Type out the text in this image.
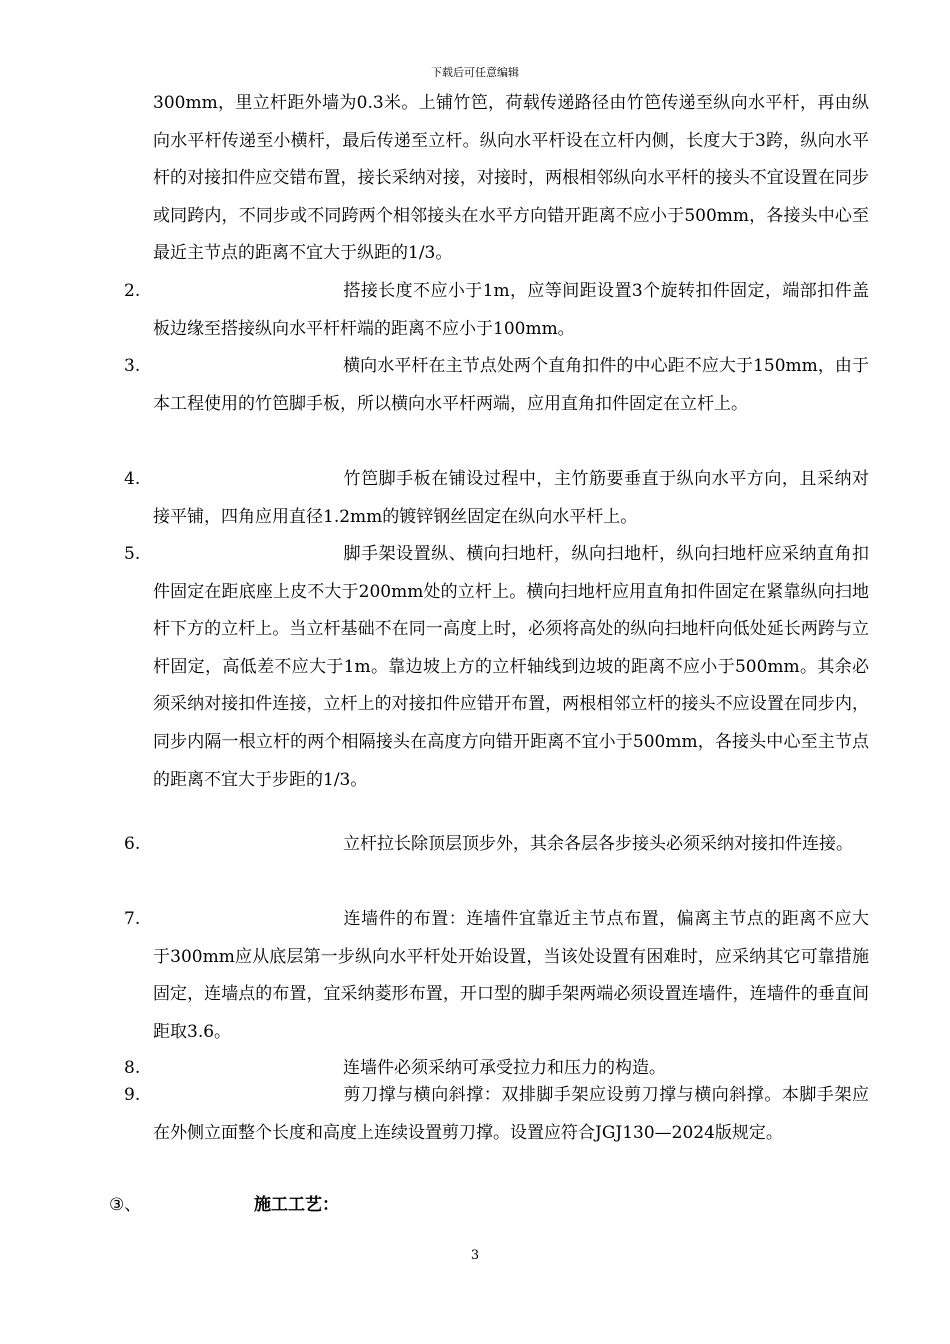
下载后可任意编辑
300mm，里立杆距外墙为0.3米。上铺竹笆，荷载传递路径由竹笆传递至纵向水平杆，再由纵向水平杆传递至小横杆，最后传递至立杆。纵向水平杆设在立杆内侧，长度大于3跨，纵向水平杆的对接扣件应交错布置，接长采纳对接，对接时，两根相邻纵向水平杆的接头不宜设置在同步或同跨内，不同步或不同跨两个相邻接头在水平方向错开距离不应小于500mm，各接头中心至最近主节点的距离不宜大于纵距的1/3。
2.	搭接长度不应小于1m，应等间距设置3个旋转扣件固定，端部扣件盖板边缘至搭接纵向水平杆杆端的距离不应小于100mm。
3.	横向水平杆在主节点处两个直角扣件的中心距不应大于150mm，由于本工程使用的竹笆脚手板，所以横向水平杆两端，应用直角扣件固定在立杆上。
4.	竹笆脚手板在铺设过程中，主竹筋要垂直于纵向水平方向，且采纳对接平铺，四角应用直径1.2mm的镀锌钢丝固定在纵向水平杆上。
5.	脚手架设置纵、横向扫地杆，纵向扫地杆，纵向扫地杆应采纳直角扣件固定在距底座上皮不大于200mm处的立杆上。横向扫地杆应用直角扣件固定在紧靠纵向扫地杆下方的立杆上。当立杆基础不在同一高度上时，必须将高处的纵向扫地杆向低处延长两跨与立杆固定，高低差不应大于1m。靠边坡上方的立杆轴线到边坡的距离不应小于500mm。其余必须采纳对接扣件连接，立杆上的对接扣件应错开布置，两根相邻立杆的接头不应设置在同步内，同步内隔一根立杆的两个相隔接头在高度方向错开距离不宜小于500mm，各接头中心至主节点的距离不宜大于步距的1/3。
6.	立杆拉长除顶层顶步外，其余各层各步接头必须采纳对接扣件连接。
7.	连墙件的布置：连墙件宜靠近主节点布置，偏离主节点的距离不应大于300mm应从底层第一步纵向水平杆处开始设置，当该处设置有困难时，应采纳其它可靠措施固定，连墙点的布置，宜采纳菱形布置，开口型的脚手架两端必须设置连墙件，连墙件的垂直间距取3.6。
8.	连墙件必须采纳可承受拉力和压力的构造。
9.	剪刀撑与横向斜撑：双排脚手架应设剪刀撑与横向斜撑。本脚手架应在外侧立面整个长度和高度上连续设置剪刀撑。设置应符合JGJ130—2024版规定。
③、	施工工艺：
3
